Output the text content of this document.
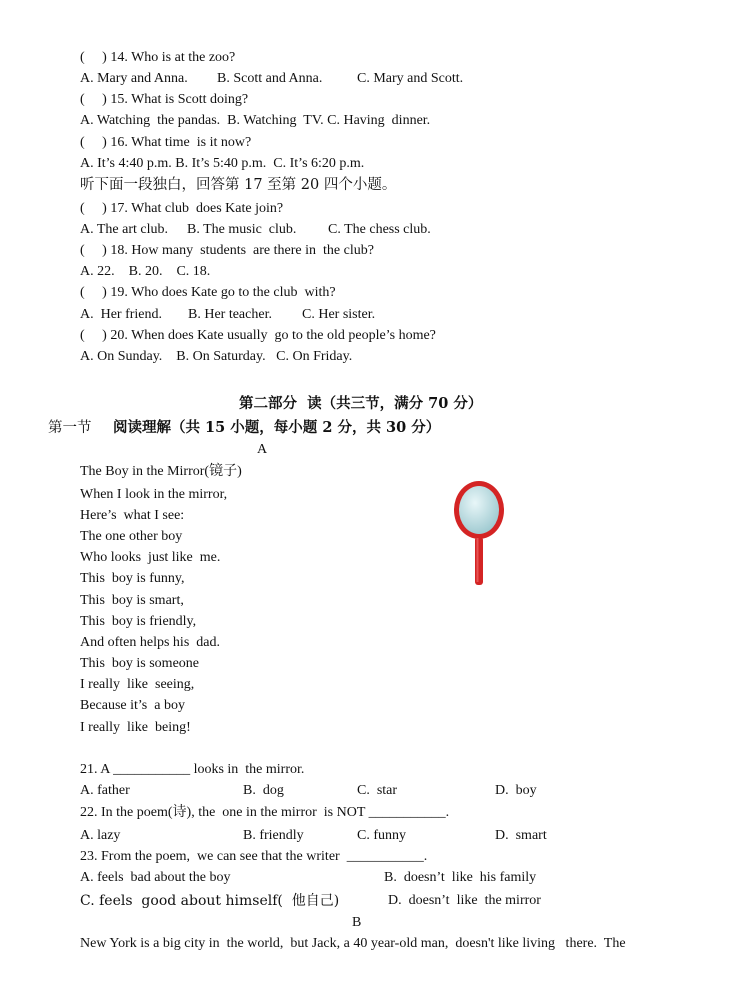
(     ) 14. Who is at the zoo?
A. Mary and Anna. B. Scott and Anna. C. Mary and Scott.
(     ) 15. What is Scott doing?
A. Watching  the pandas.  B. Watching  TV. C. Having  dinner.
(     ) 16. What time  is it now?
A. It’s 4:40 p.m. B. It’s 5:40 p.m.  C. It’s 6:20 p.m.
听下面一段独白，回答第 17 至第 20 四个小题。
(     ) 17. What club  does Kate join?
A. The art club. B. The music  club. C. The chess club.
(     ) 18. How many  students  are there in  the club?
A. 22.    B. 20.    C. 18.
(     ) 19. Who does Kate go to the club  with?
A.  Her friend. B. Her teacher. C. Her sister.
(     ) 20. When does Kate usually  go to the old people’s home?
A. On Sunday.    B. On Saturday.   C. On Friday.
第二部分  读（共三节，满分 70 分）
第一节 阅读理解（共 15 小题，每小题 2 分，共 30 分）
A
The Boy in the Mirror(镜子)
When I look in the mirror,
Here’s  what I see:
The one other boy
Who looks  just like  me.
This  boy is funny,
This  boy is smart,
This  boy is friendly,
And often helps his  dad.
This  boy is someone
I really  like  seeing,
Because it’s  a boy
I really  like  being!
21. A ___________ looks in  the mirror.
A. father	B.  dog	C.  star	D.  boy
22. In the poem(诗), the  one in the mirror  is NOT ___________.
A. lazy	B. friendly	C. funny	D.  smart
23. From the poem,  we can see that the writer  ___________.
A. feels  bad about the boy	B.  doesn’t  like  his family
C. feels  good about himself(  他自己)	D.  doesn’t  like  the mirror
B
New York is a big city in  the world,  but Jack, a 40 year-old man,  doesn't like living   there.  The
